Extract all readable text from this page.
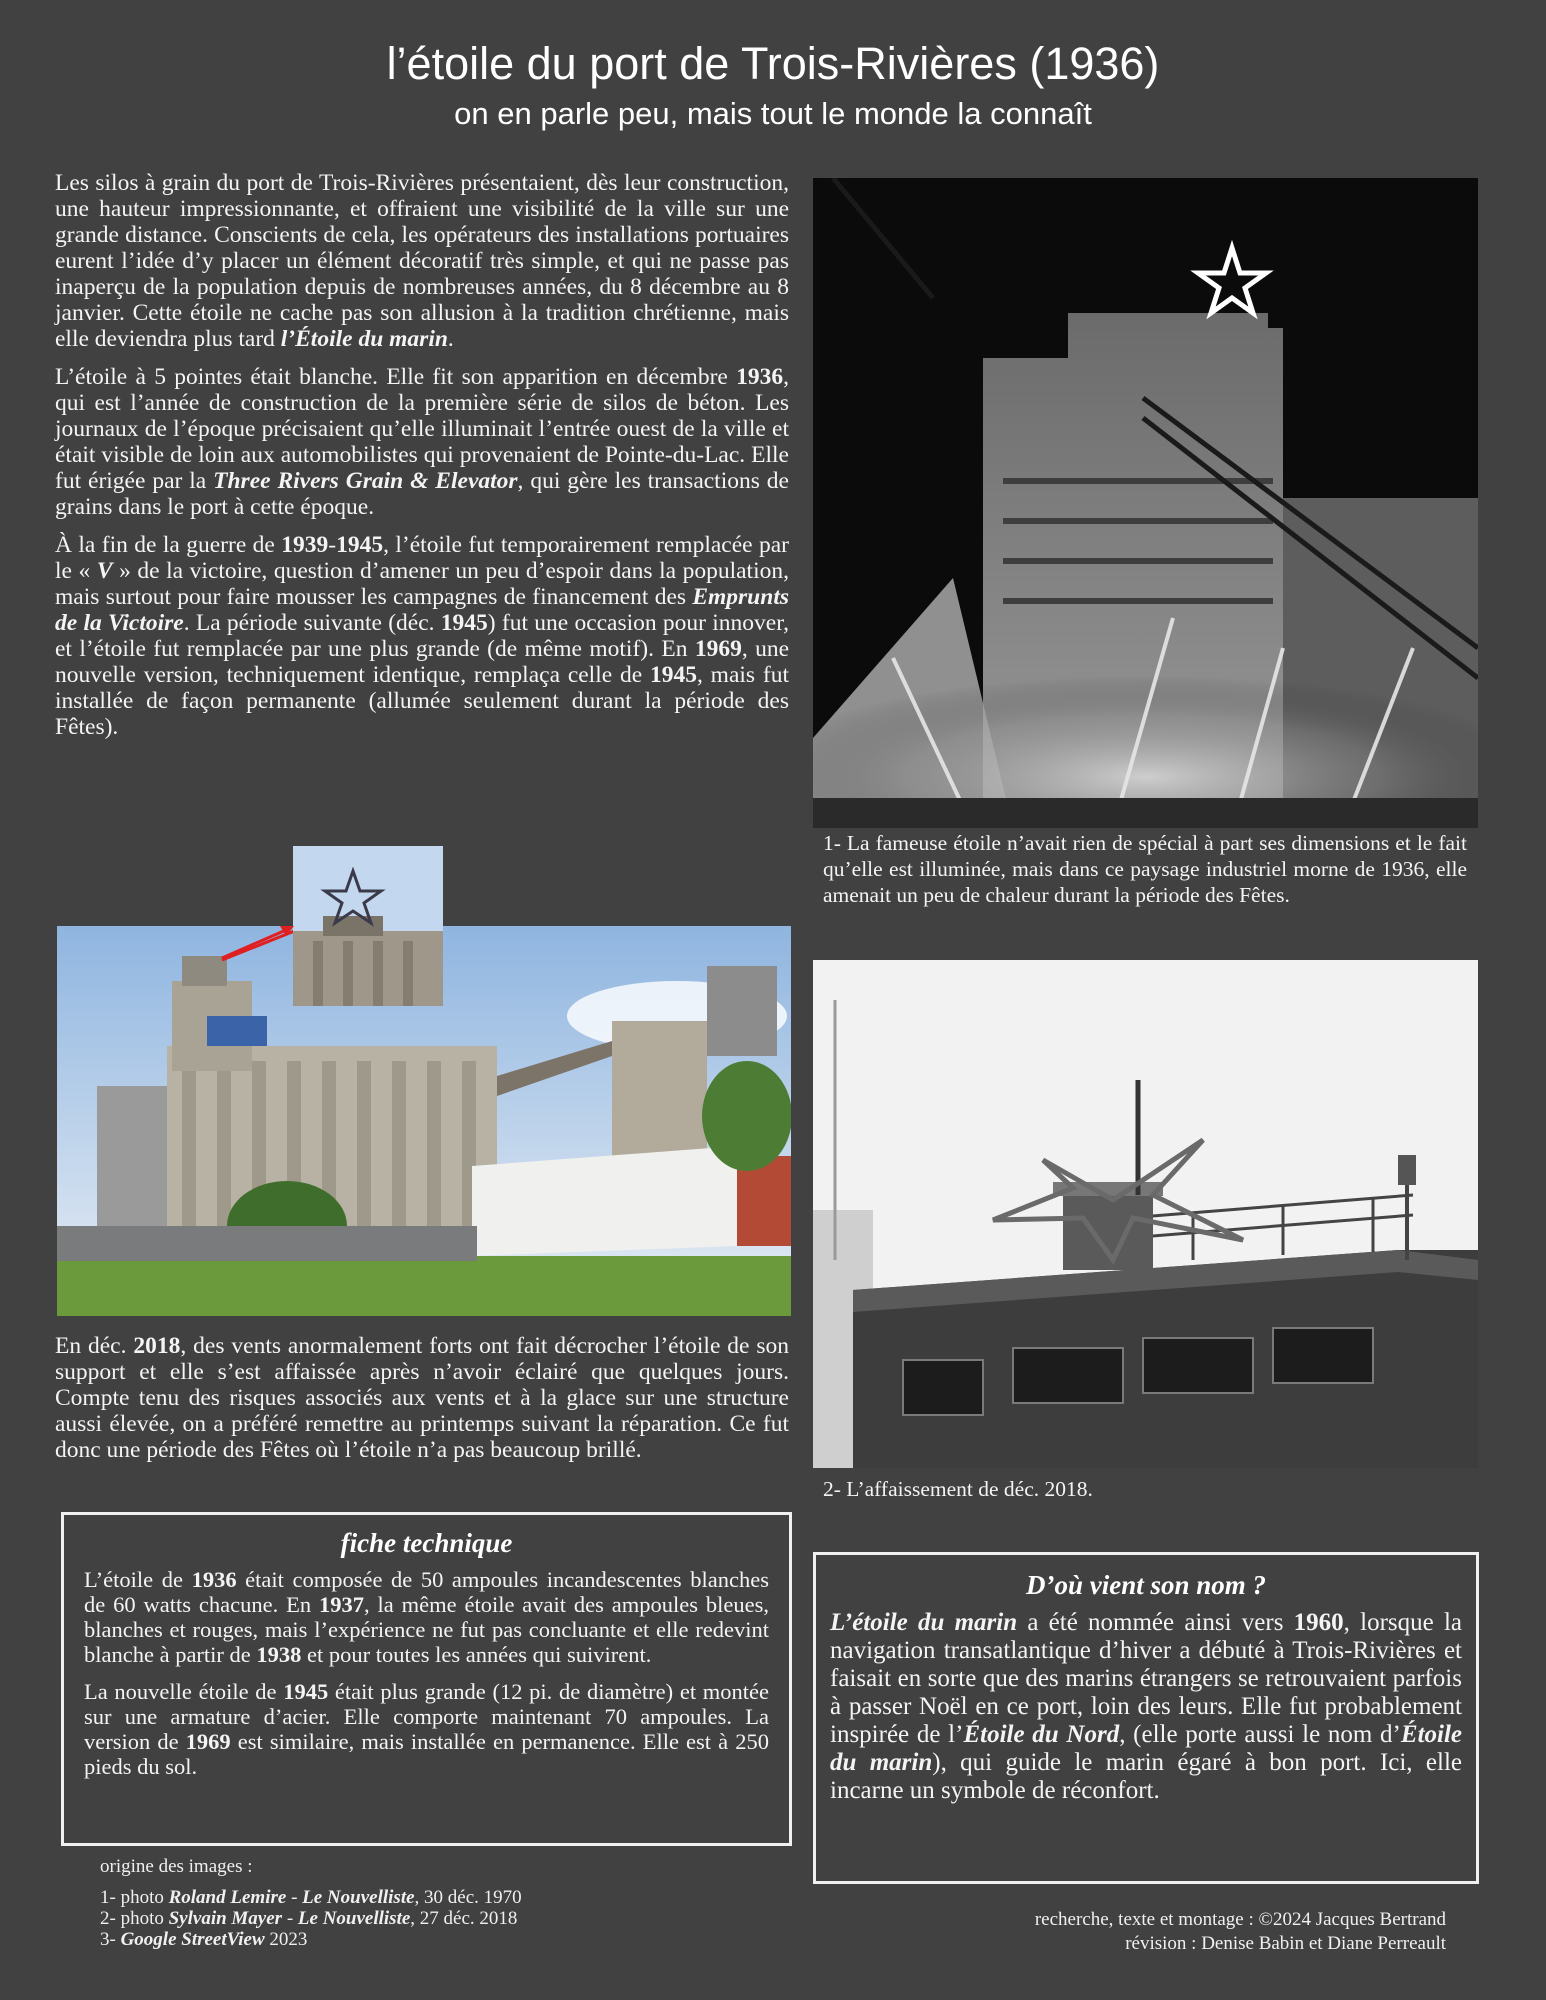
l’étoile du port de Trois-Rivières (1936)
on en parle peu, mais tout le monde la connaît

Les silos à grain du port de Trois-Rivières présentaient, dès leur construction, une hauteur impressionnante, et offraient une visibilité de la ville sur une grande distance. Conscients de cela, les opérateurs des installations portuaires eurent l’idée d’y placer un élément décoratif très simple, et qui ne passe pas inaperçu de la population depuis de nombreuses années, du 8 décembre au 8 janvier. Cette étoile ne cache pas son allusion à la tradition chrétienne, mais elle deviendra plus tard l’Étoile du marin.

L’étoile à 5 pointes était blanche. Elle fit son apparition en décembre 1936, qui est l’année de construction de la première série de silos de béton. Les journaux de l’époque précisaient qu’elle illuminait l’entrée ouest de la ville et était visible de loin aux automobilistes qui provenaient de Pointe-du-Lac. Elle fut érigée par la Three Rivers Grain & Elevator, qui gère les transactions de grains dans le port à cette époque.

À la fin de la guerre de 1939-1945, l’étoile fut temporairement remplacée par le « V » de la victoire, question d’amener un peu d’espoir dans la population, mais surtout pour faire mousser les campagnes de financement des Emprunts de la Victoire. La période suivante (déc. 1945) fut une occasion pour innover, et l’étoile fut remplacée par une plus grande (de même motif). En 1969, une nouvelle version, techniquement identique, remplaça celle de 1945, mais fut installée de façon permanente (allumée seulement durant la période des Fêtes).

1- La fameuse étoile n’avait rien de spécial à part ses dimensions et le fait qu’elle est illuminée, mais dans ce paysage industriel morne de 1936, elle amenait un peu de chaleur durant la période des Fêtes.
2- L’affaissement de déc. 2018.

En déc. 2018, des vents anormalement forts ont fait décrocher l’étoile de son support et elle s’est affaissée après n’avoir éclairé que quelques jours. Compte tenu des risques associés aux vents et à la glace sur une structure aussi élevée, on a préféré remettre au printemps suivant la réparation. Ce fut donc une période des Fêtes où l’étoile n’a pas beaucoup brillé.

fiche technique

L’étoile de 1936 était composée de 50 ampoules incandescentes blanches de 60 watts chacune. En 1937, la même étoile avait des ampoules bleues, blanches et rouges, mais l’expérience ne fut pas concluante et elle redevint blanche à partir de 1938 et pour toutes les années qui suivirent.

La nouvelle étoile de 1945 était plus grande (12 pi. de diamètre) et montée sur une armature d’acier. Elle comporte maintenant 70 ampoules. La version de 1969 est similaire, mais installée en permanence. Elle est à 250 pieds du sol.

D’où vient son nom ?

L’étoile du marin a été nommée ainsi vers 1960, lorsque la navigation transatlantique d’hiver a débuté à Trois-Rivières et faisait en sorte que des marins étrangers se retrouvaient parfois à passer Noël en ce port, loin des leurs. Elle fut probablement inspirée de l’Étoile du Nord, (elle porte aussi le nom d’Étoile du marin), qui guide le marin égaré à bon port. Ici, elle incarne un symbole de réconfort.

origine des images :
1- photo Roland Lemire - Le Nouvelliste, 30 déc. 1970
2- photo Sylvain Mayer - Le Nouvelliste, 27 déc. 2018
3- Google StreetView 2023
recherche, texte et montage : ©2024 Jacques Bertrand
révision : Denise Babin et Diane Perreault
